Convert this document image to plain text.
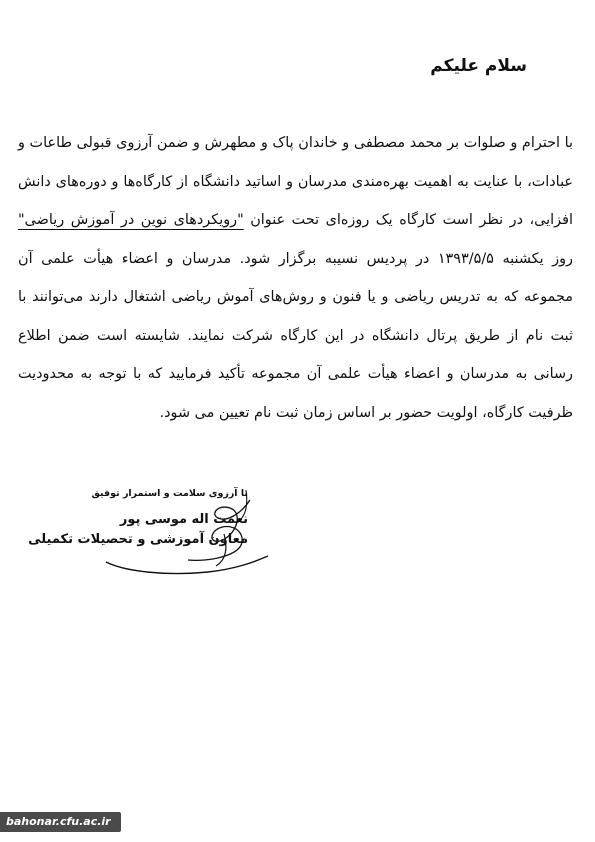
سلام علیکم

با احترام و صلوات بر محمد مصطفی و خاندان پاک و مطهرش و ضمن آرزوی قبولی طاعات و عبادات، با عنایت به اهمیت بهره‌مندی مدرسان و اساتید دانشگاه از کارگاه‌ها و دوره‌های دانش افزایی، در نظر است کارگاه یک روزه‌ای تحت عنوان "رویکردهای نوین در آموزش ریاضی" روز یکشنبه ۱۳۹۳/۵/۵ در پردیس نسیبه برگزار شود. مدرسان و اعضاء هیأت علمی آن مجموعه که به تدریس ریاضی و یا فنون و روش‌های آموش ریاضی اشتغال دارند می‌توانند با ثبت نام از طریق پرتال دانشگاه در این کارگاه شرکت نمایند. شایسته است ضمن اطلاع رسانی به مدرسان و اعضاء هیأت علمی آن مجموعه تأکید فرمایید که با توجه به محدودیت ظرفیت کارگاه، اولویت حضور بر اساس زمان ثبت نام تعیین می شود.

با آرزوی سلامت و استمرار توفیق
نعمت اله موسی پور
معاون آموزشی و تحصیلات تکمیلی
bahonar.cfu.ac.ir
